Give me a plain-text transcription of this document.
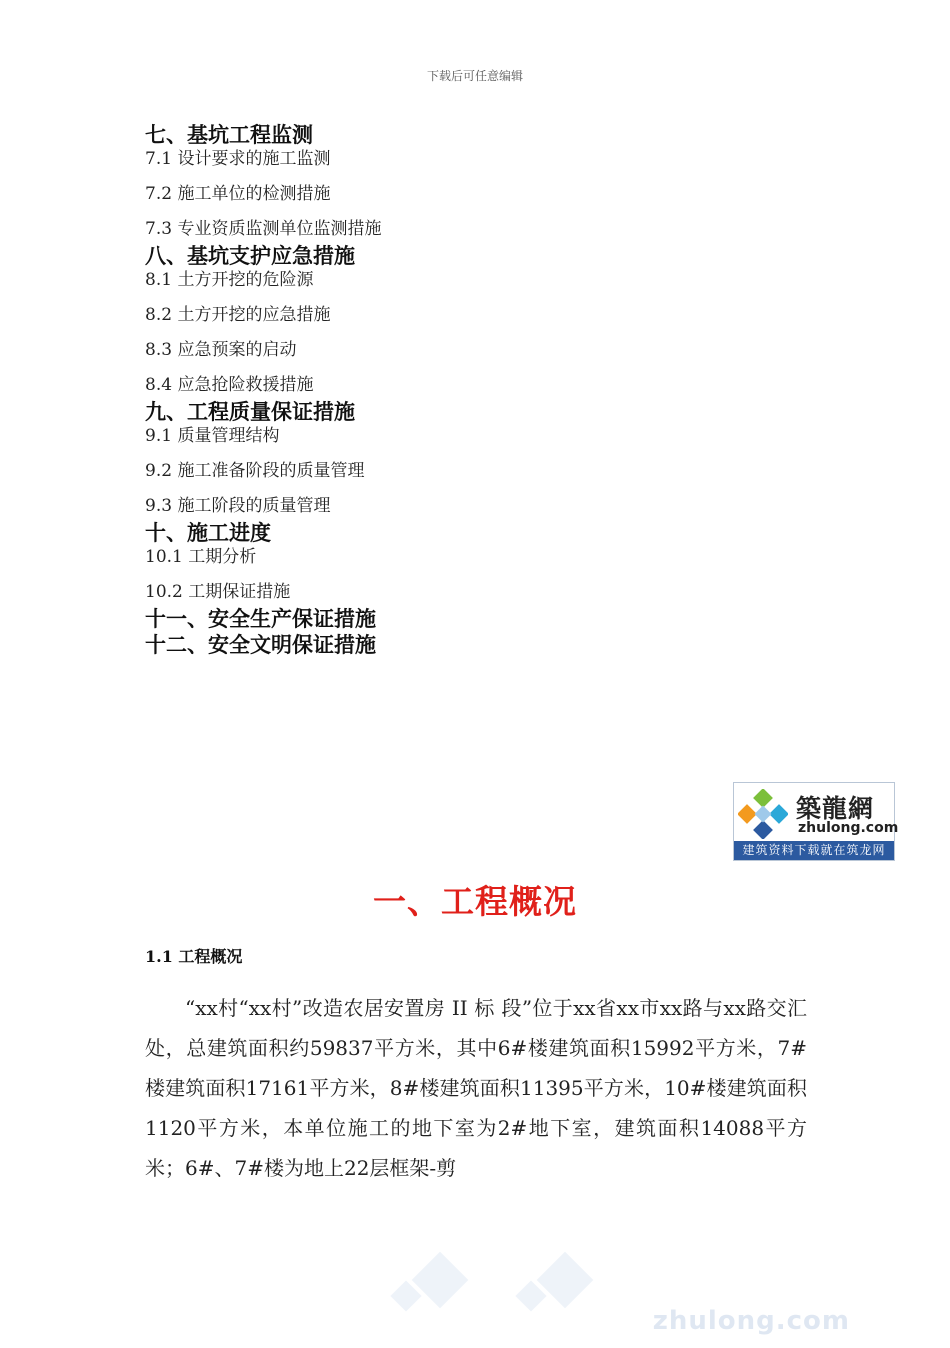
下载后可任意编辑
七、基坑工程监测
7.1 设计要求的施工监测
7.2 施工单位的检测措施
7.3 专业资质监测单位监测措施
八、基坑支护应急措施
8.1 土方开挖的危险源
8.2 土方开挖的应急措施
8.3 应急预案的启动
8.4 应急抢险救援措施
九、工程质量保证措施
9.1 质量管理结构
9.2 施工准备阶段的质量管理
9.3 施工阶段的质量管理
十、施工进度
10.1 工期分析
10.2 工期保证措施
十一、安全生产保证措施
十二、安全文明保证措施
築龍網
zhulong.com
建筑资料下载就在筑龙网
一、工程概况
1.1 工程概况
“xx村“xx村”改造农居安置房 II 标 段”位于xx省xx市xx路与xx路交汇处，总建筑面积约59837平方米，其中6#楼建筑面积15992平方米，7#楼建筑面积17161平方米，8#楼建筑面积11395平方米，10#楼建筑面积1120平方米，本单位施工的地下室为2#地下室，建筑面积14088平方米；6#、7#楼为地上22层框架-剪
zhulong.com
